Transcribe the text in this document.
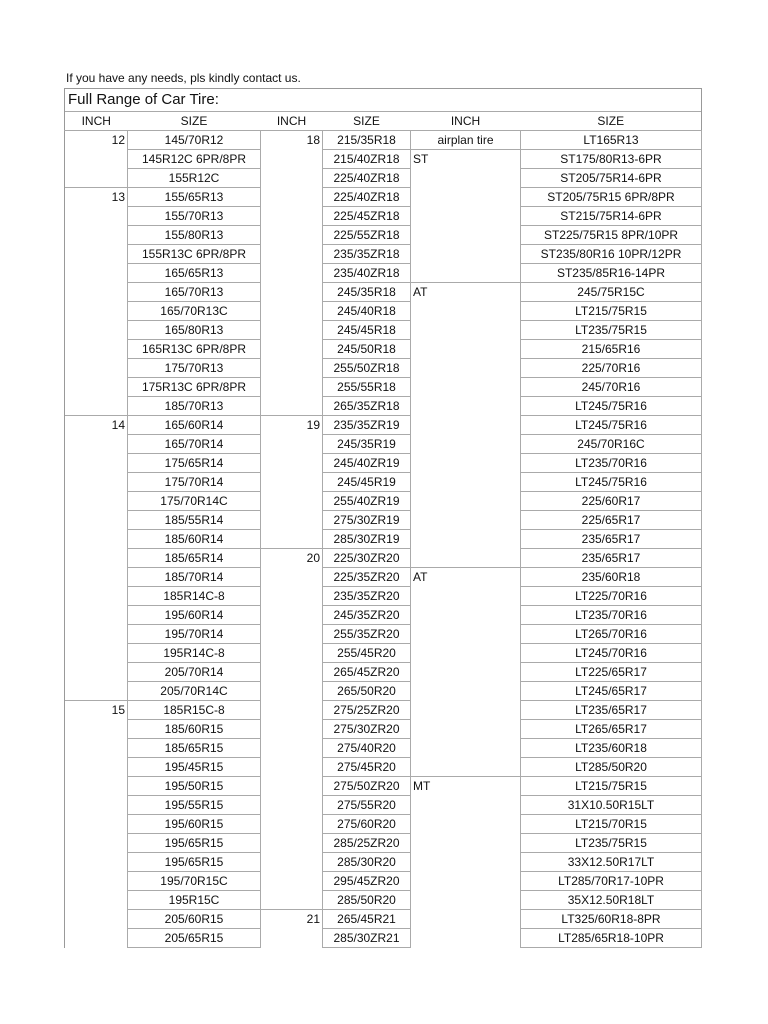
If you have any needs, pls kindly contact us.
Full Range of Car Tire:					
INCH	SIZE	INCH	SIZE	INCH	SIZE
12	145/70R12	18	215/35R18	airplan tire	LT165R13
	145R12C 6PR/8PR		215/40ZR18	ST	ST175/80R13-6PR
	155R12C		225/40ZR18		ST205/75R14-6PR
13	155/65R13		225/40ZR18		ST205/75R15 6PR/8PR
	155/70R13		225/45ZR18		ST215/75R14-6PR
	155/80R13		225/55ZR18		ST225/75R15 8PR/10PR
	155R13C 6PR/8PR		235/35ZR18		ST235/80R16 10PR/12PR
	165/65R13		235/40ZR18		ST235/85R16-14PR
	165/70R13		245/35R18	AT	245/75R15C
	165/70R13C		245/40R18		LT215/75R15
	165/80R13		245/45R18		LT235/75R15
	165R13C 6PR/8PR		245/50R18		215/65R16
	175/70R13		255/50ZR18		225/70R16
	175R13C 6PR/8PR		255/55R18		245/70R16
	185/70R13		265/35ZR18		LT245/75R16
14	165/60R14	19	235/35ZR19		LT245/75R16
	165/70R14		245/35R19		245/70R16C
	175/65R14		245/40ZR19		LT235/70R16
	175/70R14		245/45R19		LT245/75R16
	175/70R14C		255/40ZR19		225/60R17
	185/55R14		275/30ZR19		225/65R17
	185/60R14		285/30ZR19		235/65R17
	185/65R14	20	225/30ZR20		235/65R17
	185/70R14		225/35ZR20	AT	235/60R18
	185R14C-8		235/35ZR20		LT225/70R16
	195/60R14		245/35ZR20		LT235/70R16
	195/70R14		255/35ZR20		LT265/70R16
	195R14C-8		255/45R20		LT245/70R16
	205/70R14		265/45ZR20		LT225/65R17
	205/70R14C		265/50R20		LT245/65R17
15	185R15C-8		275/25ZR20		LT235/65R17
	185/60R15		275/30ZR20		LT265/65R17
	185/65R15		275/40R20		LT235/60R18
	195/45R15		275/45R20		LT285/50R20
	195/50R15		275/50ZR20	MT	LT215/75R15
	195/55R15		275/55R20		31X10.50R15LT
	195/60R15		275/60R20		LT215/70R15
	195/65R15		285/25ZR20		LT235/75R15
	195/65R15		285/30R20		33X12.50R17LT
	195/70R15C		295/45ZR20		LT285/70R17-10PR
	195R15C		285/50R20		35X12.50R18LT
	205/60R15	21	265/45R21		LT325/60R18-8PR
	205/65R15		285/30ZR21		LT285/65R18-10PR
